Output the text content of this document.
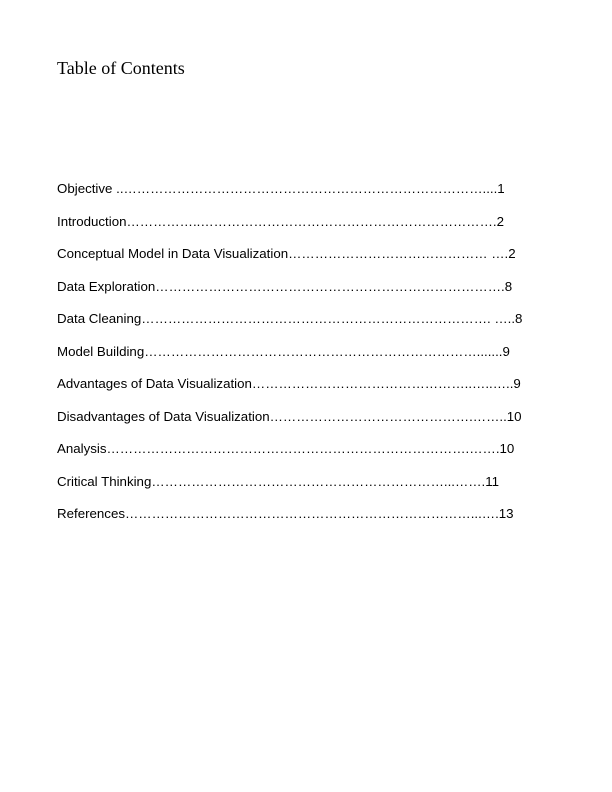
Table of Contents
Objective ..………………………………………………………………………....1
Introduction……………..………………………………………………………….2
Conceptual Model in Data Visualization……………………………………… ….2
Data Exploration…………………………………………………………………….8
Data Cleaning……………………………………………………………………. …..8
Model Building………………………………………………………………….......9
Advantages of Data Visualization…………………………………………..…..…..9
Disadvantages of Data Visualization……………………………………….……..10
Analysis……………………………………………………………………….…….10
Critical Thinking…………………………………………………………...…….11
References……………………………………………………………………...….13
